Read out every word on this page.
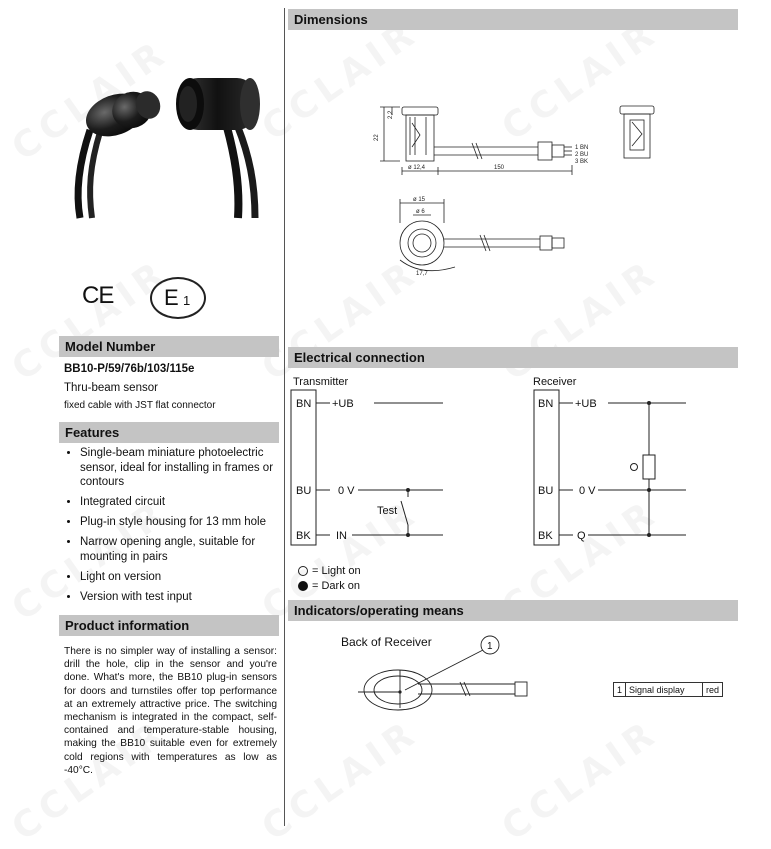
CE E 1
Model Number
BB10-P/59/76b/103/115e
Thru-beam sensor
fixed cable with JST flat connector
Features
• Single-beam miniature photoelectric sensor, ideal for installing in frames or contours
• Integrated circuit
• Plug-in style housing for 13 mm hole
• Narrow opening angle, suitable for mounting in pairs
• Light on version
• Version with test input
Product information
There is no simpler way of installing a sensor: drill the hole, clip in the sensor and you're done. What's more, the BB10 plug-in sensors for doors and turnstiles offer top performance at an extremely attractive price. The switching mechanism is integrated in the compact, self-contained and temperature-stable housing, making the BB10 suitable even for extremely cold regions with temperatures as low as -40°C.
Dimensions
22
2,2
ø 12,4	150
1 BN
2 BU
3 BK
ø 15
ø 6
17,7
Electrical connection
Transmitter	Receiver
BN
BU
BK
+UB
0 V
IN
Test
BN
BU
BK
+UB
0 V
Q
= Light on
= Dark on
Indicators/operating means
Back of Receiver	1
1	Signal display	red
